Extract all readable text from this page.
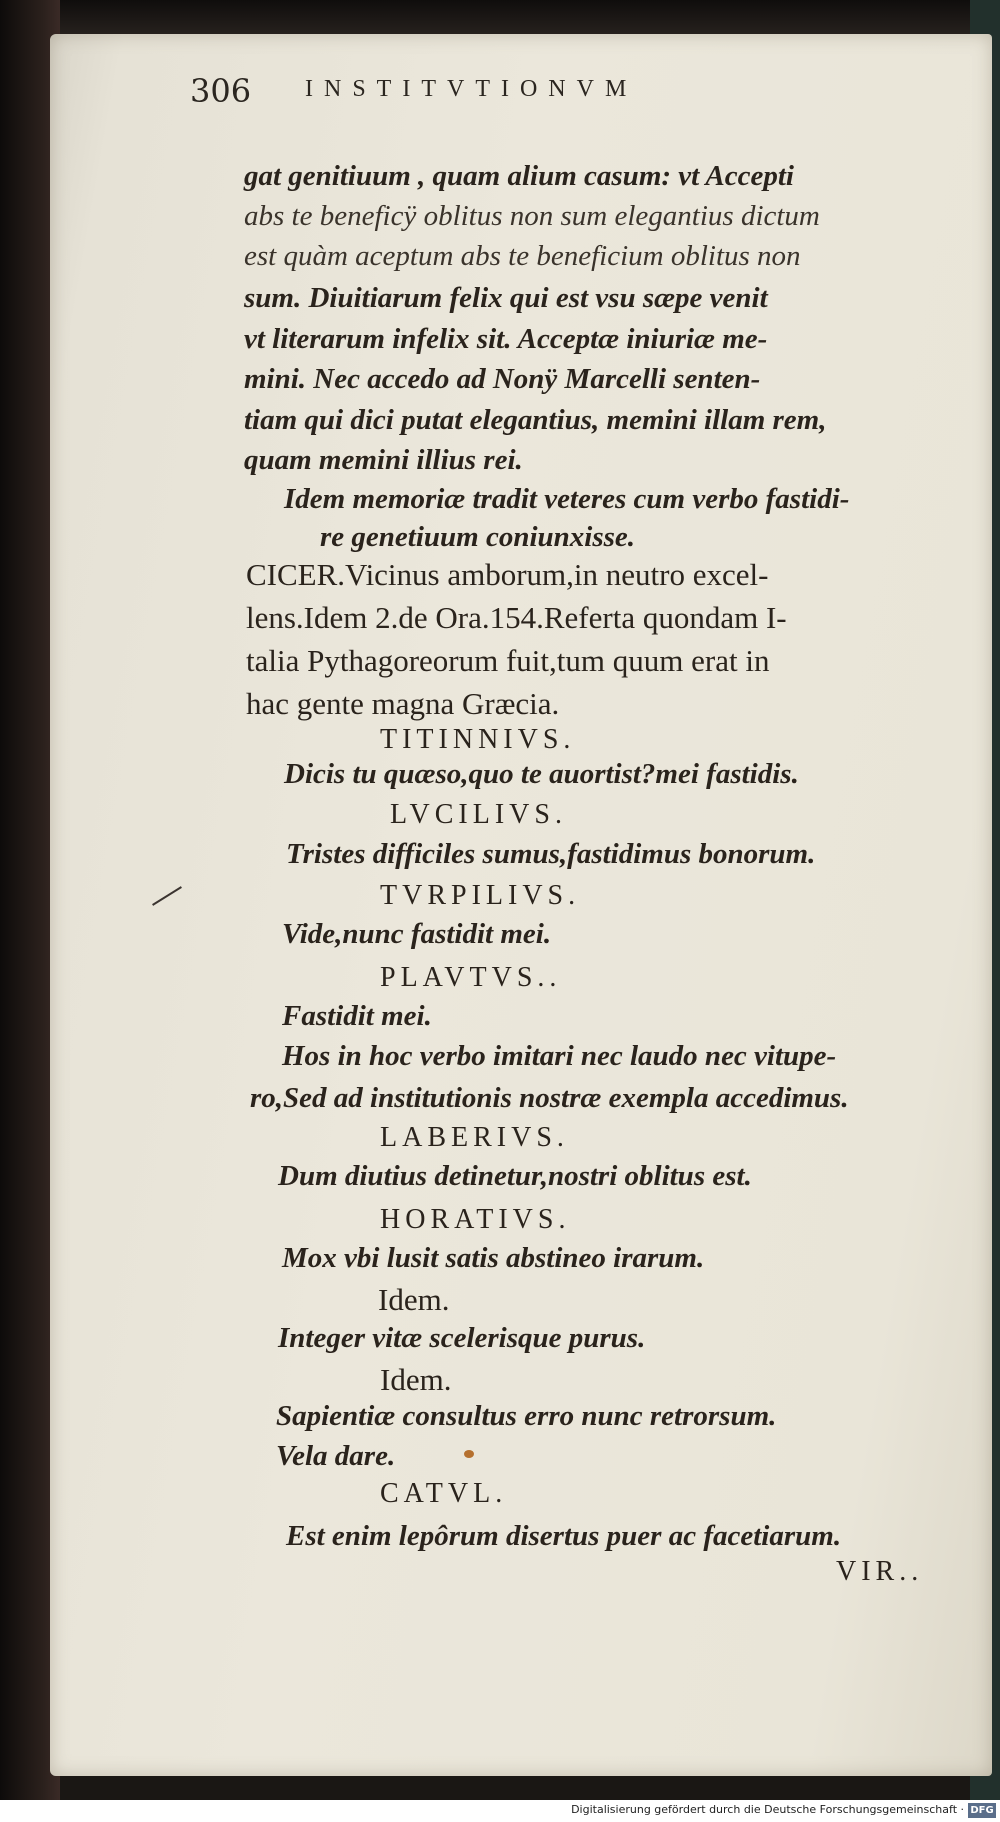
306 INSTITVTIONVM
gat genitiuum , quam alium casum: vt Accepti
abs te beneficÿ oblitus non sum elegantius dictum
est quàm aceptum abs te beneficium oblitus non
sum. Diuitiarum felix qui est vsu sæpe venit
vt literarum infelix sit. Acceptæ iniuriæ me-
mini. Nec accedo ad Nonÿ Marcelli senten-
tiam qui dici putat elegantius, memini illam rem,
quam memini illius rei.
Idem memoriæ tradit veteres cum verbo fastidi-
re genetiuum coniunxisse.
CICER.Vicinus amborum,in neutro excel-
lens.Idem 2.de Ora.154.Referta quondam I-
talia Pythagoreorum fuit,tum quum erat in
hac gente magna Græcia.
TITINNIVS.
Dicis tu quæso,quo te auortist?mei fastidis.
LVCILIVS.
Tristes difficiles sumus,fastidimus bonorum.
TVRPILIVS.
Vide,nunc fastidit mei.
PLAVTVS..
Fastidit mei.
Hos in hoc verbo imitari nec laudo nec vitupe-
ro,Sed ad institutionis nostræ exempla accedimus.
LABERIVS.
Dum diutius detinetur,nostri oblitus est.
HORATIVS.
Mox vbi lusit satis abstineo irarum.
Idem.
Integer vitæ scelerisque purus.
Idem.
Sapientiæ consultus erro nunc retrorsum.
Vela dare.
CATVL.
Est enim lepôrum disertus puer ac facetiarum.
VIR..
Digitalisierung gefördert durch die Deutsche Forschungsgemeinschaft · DFG
